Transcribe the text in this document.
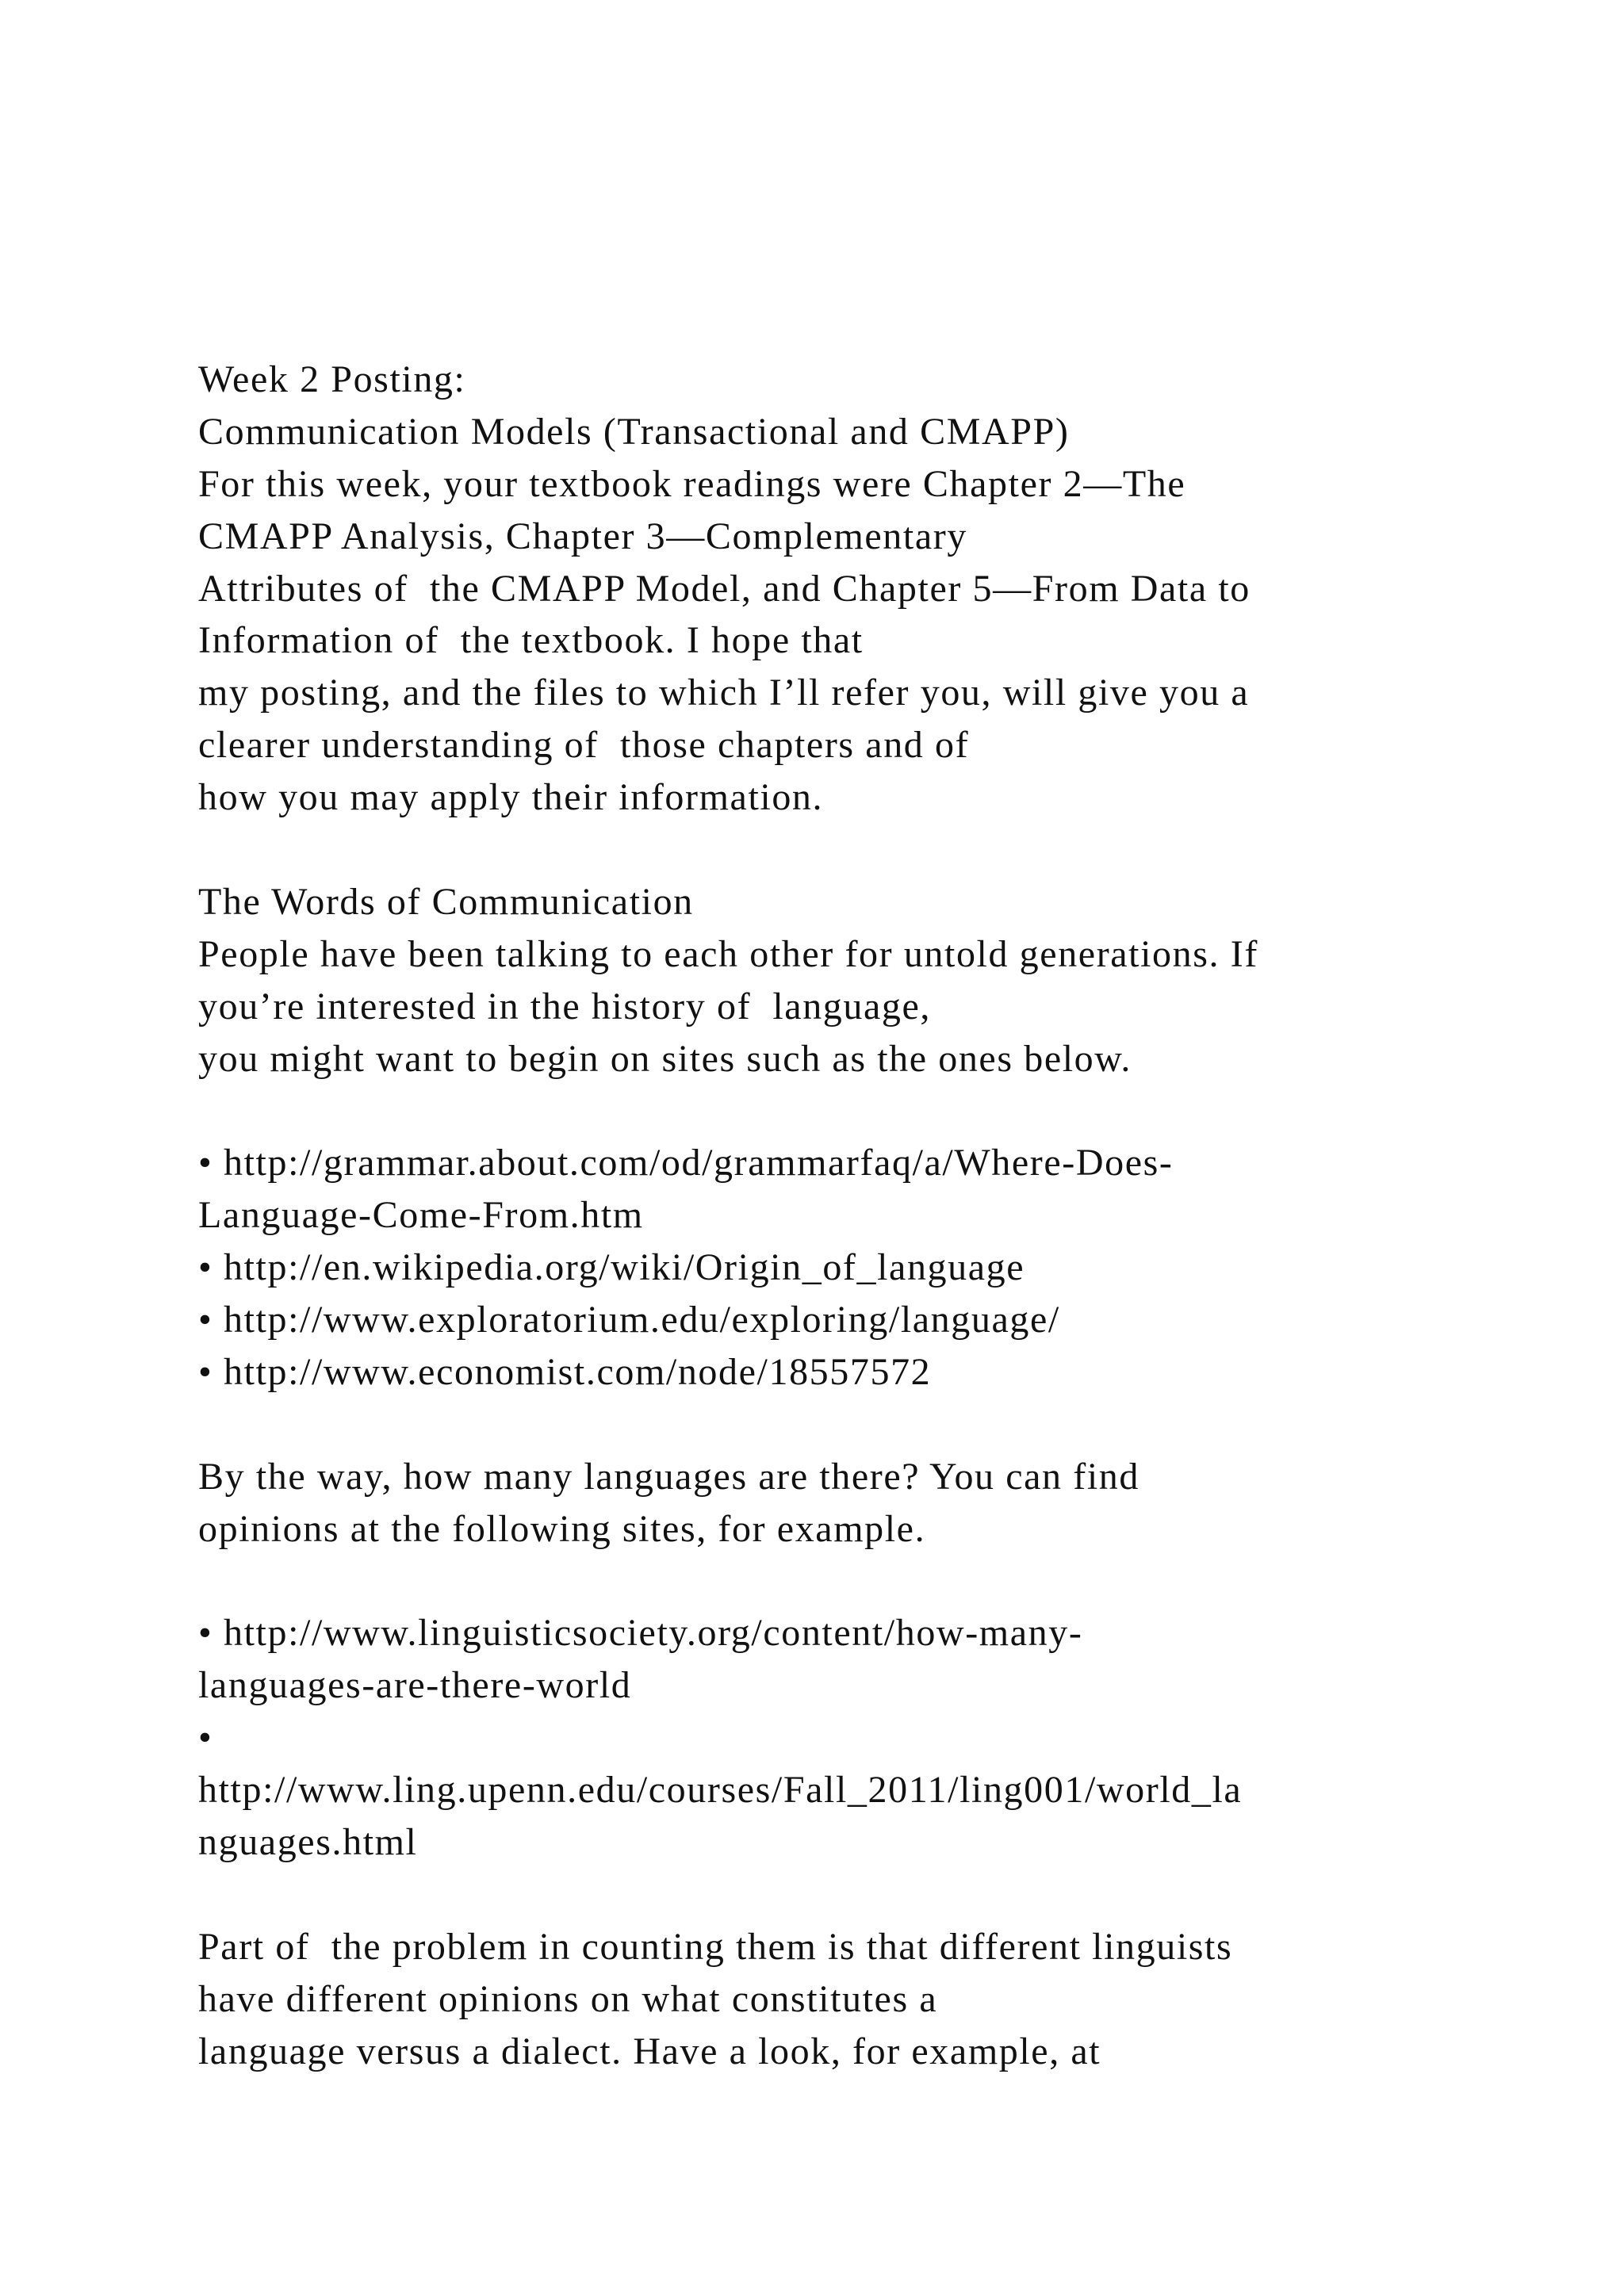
Week 2 Posting:
Communication Models (Transactional and CMAPP)
For this week, your textbook readings were Chapter 2—The
CMAPP Analysis, Chapter 3—Complementary
Attributes of  the CMAPP Model, and Chapter 5—From Data to
Information of  the textbook. I hope that
my posting, and the files to which I’ll refer you, will give you a
clearer understanding of  those chapters and of
how you may apply their information.
The Words of Communication
People have been talking to each other for untold generations. If
you’re interested in the history of  language,
you might want to begin on sites such as the ones below.
• http://grammar.about.com/od/grammarfaq/a/Where-Does-
Language-Come-From.htm
• http://en.wikipedia.org/wiki/Origin_of_language
• http://www.exploratorium.edu/exploring/language/
• http://www.economist.com/node/18557572
By the way, how many languages are there? You can find
opinions at the following sites, for example.
• http://www.linguisticsociety.org/content/how-many-
languages-are-there-world
•
http://www.ling.upenn.edu/courses/Fall_2011/ling001/world_la
nguages.html
Part of  the problem in counting them is that different linguists
have different opinions on what constitutes a
language versus a dialect. Have a look, for example, at
